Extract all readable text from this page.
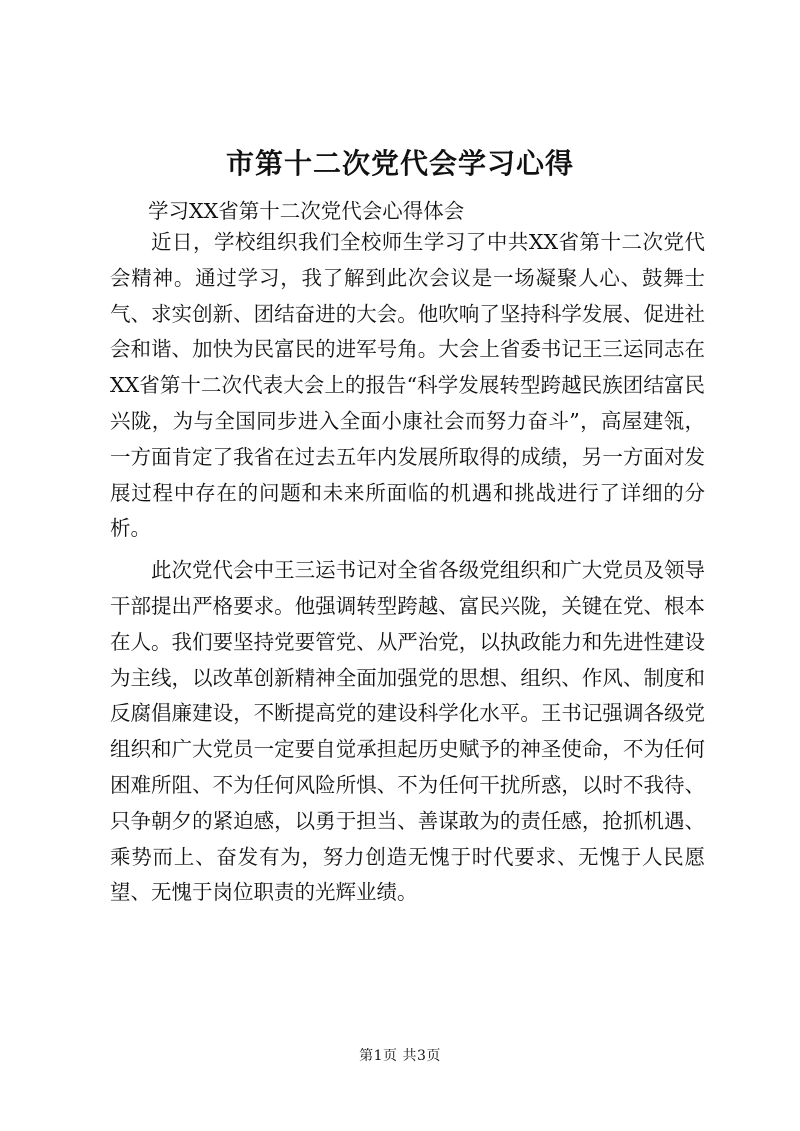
市第十二次党代会学习心得

学习XX省第十二次党代会心得体会

近日，学校组织我们全校师生学习了中共XX省第十二次党代会精神。通过学习，我了解到此次会议是一场凝聚人心、鼓舞士气、求实创新、团结奋进的大会。他吹响了坚持科学发展、促进社会和谐、加快为民富民的进军号角。大会上省委书记王三运同志在XX省第十二次代表大会上的报告“科学发展转型跨越民族团结富民兴陇，为与全国同步进入全面小康社会而努力奋斗”，高屋建瓴，一方面肯定了我省在过去五年内发展所取得的成绩，另一方面对发展过程中存在的问题和未来所面临的机遇和挑战进行了详细的分析。

此次党代会中王三运书记对全省各级党组织和广大党员及领导干部提出严格要求。他强调转型跨越、富民兴陇，关键在党、根本在人。我们要坚持党要管党、从严治党，以执政能力和先进性建设为主线，以改革创新精神全面加强党的思想、组织、作风、制度和反腐倡廉建设，不断提高党的建设科学化水平。王书记强调各级党组织和广大党员一定要自觉承担起历史赋予的神圣使命，不为任何困难所阻、不为任何风险所惧、不为任何干扰所惑，以时不我待、只争朝夕的紧迫感，以勇于担当、善谋敢为的责任感，抢抓机遇、乘势而上、奋发有为，努力创造无愧于时代要求、无愧于人民愿望、无愧于岗位职责的光辉业绩。

第1页 共3页
